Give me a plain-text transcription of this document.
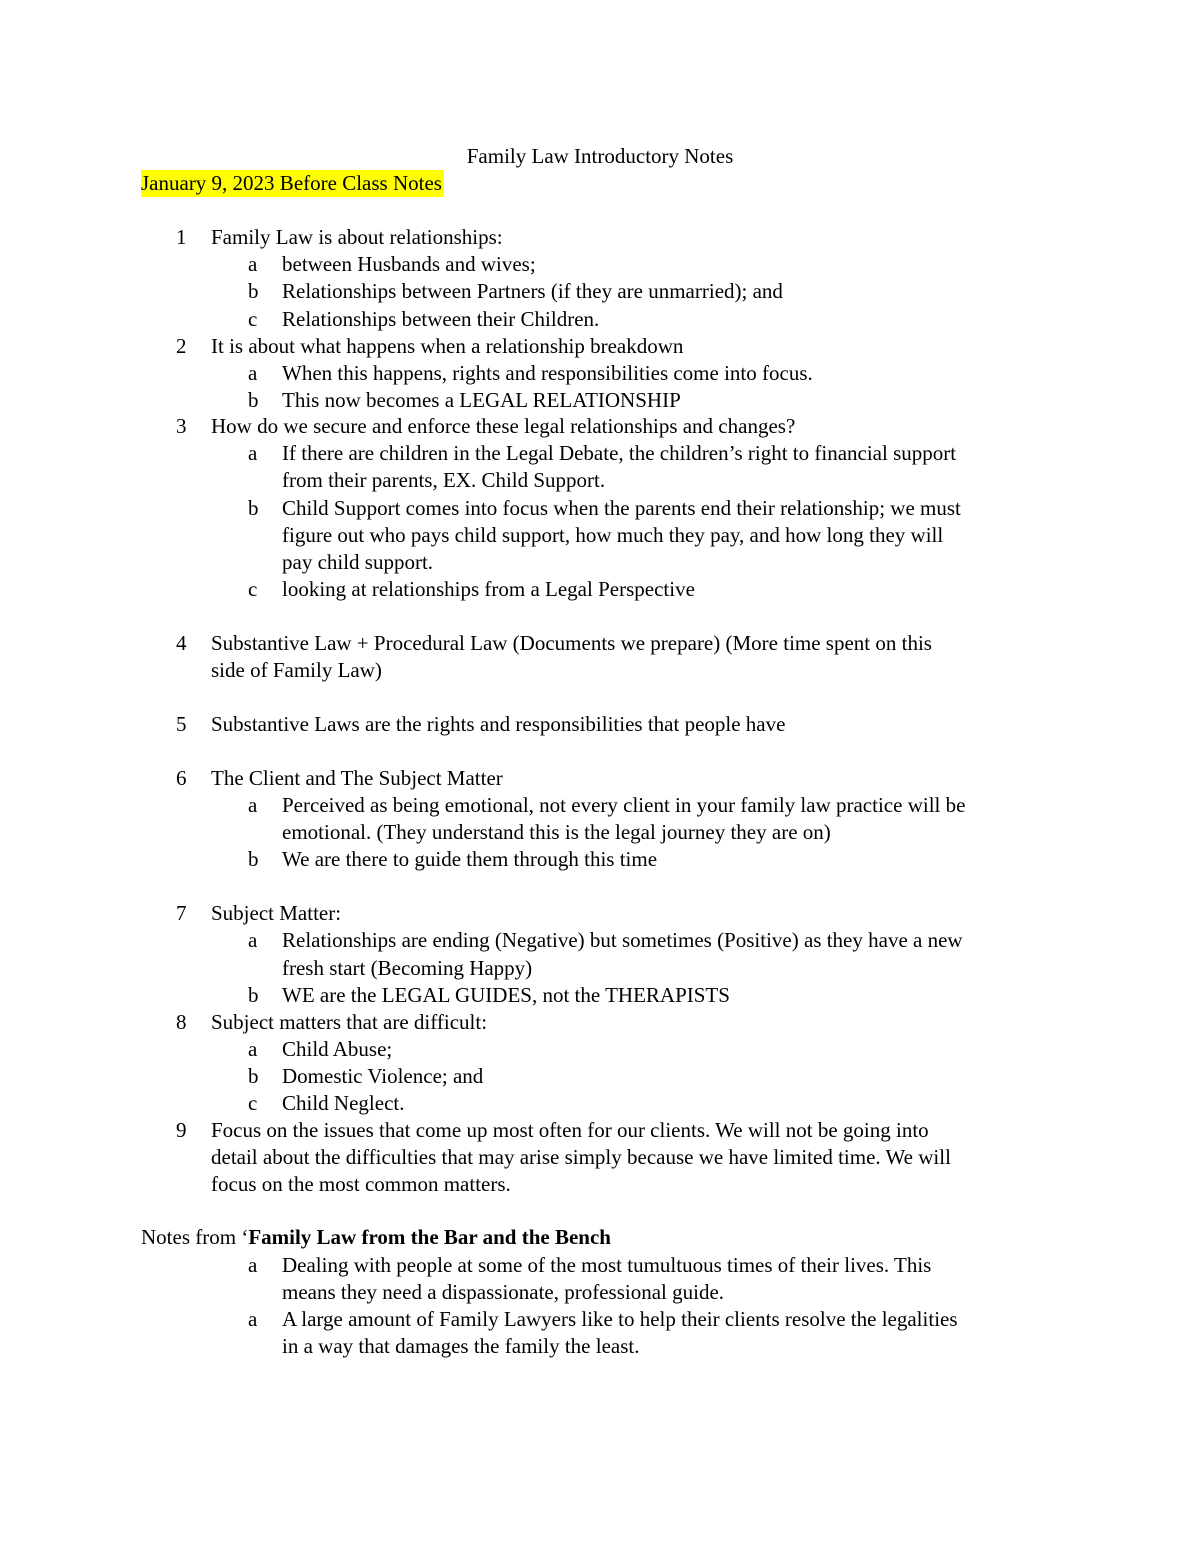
Family Law Introductory Notes
January 9, 2023 Before Class Notes
1	Family Law is about relationships:
a	between Husbands and wives;
b	Relationships between Partners (if they are unmarried); and
c	Relationships between their Children.
2	It is about what happens when a relationship breakdown
a	When this happens, rights and responsibilities come into focus.
b	This now becomes a LEGAL RELATIONSHIP
3	How do we secure and enforce these legal relationships and changes?
a	If there are children in the Legal Debate, the children’s right to financial support
from their parents, EX. Child Support.
b	Child Support comes into focus when the parents end their relationship; we must
figure out who pays child support, how much they pay, and how long they will
pay child support.
c	looking at relationships from a Legal Perspective
4	Substantive Law + Procedural Law (Documents we prepare) (More time spent on this
side of Family Law)
5	Substantive Laws are the rights and responsibilities that people have
6	The Client and The Subject Matter
a	Perceived as being emotional, not every client in your family law practice will be
emotional. (They understand this is the legal journey they are on)
b	We are there to guide them through this time
7	Subject Matter:
a	Relationships are ending (Negative) but sometimes (Positive) as they have a new
fresh start (Becoming Happy)
b	WE are the LEGAL GUIDES, not the THERAPISTS
8	Subject matters that are difficult:
a	Child Abuse;
b	Domestic Violence; and
c	Child Neglect.
9	Focus on the issues that come up most often for our clients. We will not be going into
detail about the difficulties that may arise simply because we have limited time. We will
focus on the most common matters.
Notes from ‘Family Law from the Bar and the Bench
a	Dealing with people at some of the most tumultuous times of their lives. This
means they need a dispassionate, professional guide.
a	A large amount of Family Lawyers like to help their clients resolve the legalities
in a way that damages the family the least.
